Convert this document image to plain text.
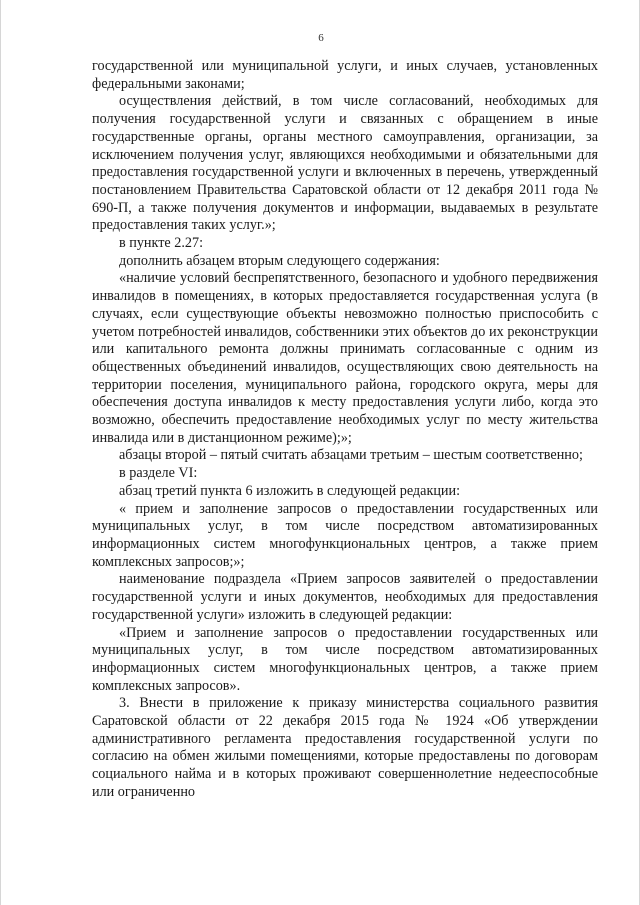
6

государственной или муниципальной услуги, и иных случаев, установленных федеральными законами;

осуществления действий, в том числе согласований, необходимых для получения государственной услуги и связанных с обращением в иные государственные органы, органы местного самоуправления, организации, за исключением получения услуг, являющихся необходимыми и обязательными для предоставления государственной услуги и включенных в перечень, утвержденный постановлением Правительства Саратовской области от 12 декабря 2011 года № 690-П, а также получения документов и информации, выдаваемых в результате предоставления таких услуг.»;

в пункте 2.27:

дополнить абзацем вторым следующего содержания:

«наличие условий беспрепятственного, безопасного и удобного передвижения инвалидов в помещениях, в которых предоставляется государственная услуга (в случаях, если существующие объекты невозможно полностью приспособить с учетом потребностей инвалидов, собственники этих объектов до их реконструкции или капитального ремонта должны принимать согласованные с одним из общественных объединений инвалидов, осуществляющих свою деятельность на территории поселения, муниципального района, городского округа, меры для обеспечения доступа инвалидов к месту предоставления услуги либо, когда это возможно, обеспечить предоставление необходимых услуг по месту жительства инвалида или в дистанционном режиме);»;

абзацы второй – пятый считать абзацами третьим – шестым соответственно;

в разделе VI:

абзац третий пункта 6 изложить в следующей редакции:

« прием и заполнение запросов о предоставлении государственных или муниципальных услуг, в том числе посредством автоматизированных информационных систем многофункциональных центров, а также прием комплексных запросов;»;

наименование подраздела «Прием запросов заявителей о предоставлении государственной услуги и иных документов, необходимых для предоставления государственной услуги» изложить в следующей редакции:

«Прием и заполнение запросов о предоставлении государственных или муниципальных услуг, в том числе посредством автоматизированных информационных систем многофункциональных центров, а также прием комплексных запросов».

3. Внести в приложение к приказу министерства социального развития Саратовской области от 22 декабря 2015 года № 1924 «Об утверждении административного регламента предоставления государственной услуги по согласию на обмен жилыми помещениями, которые предоставлены по договорам социального найма и в которых проживают совершеннолетние недееспособные или ограниченно
